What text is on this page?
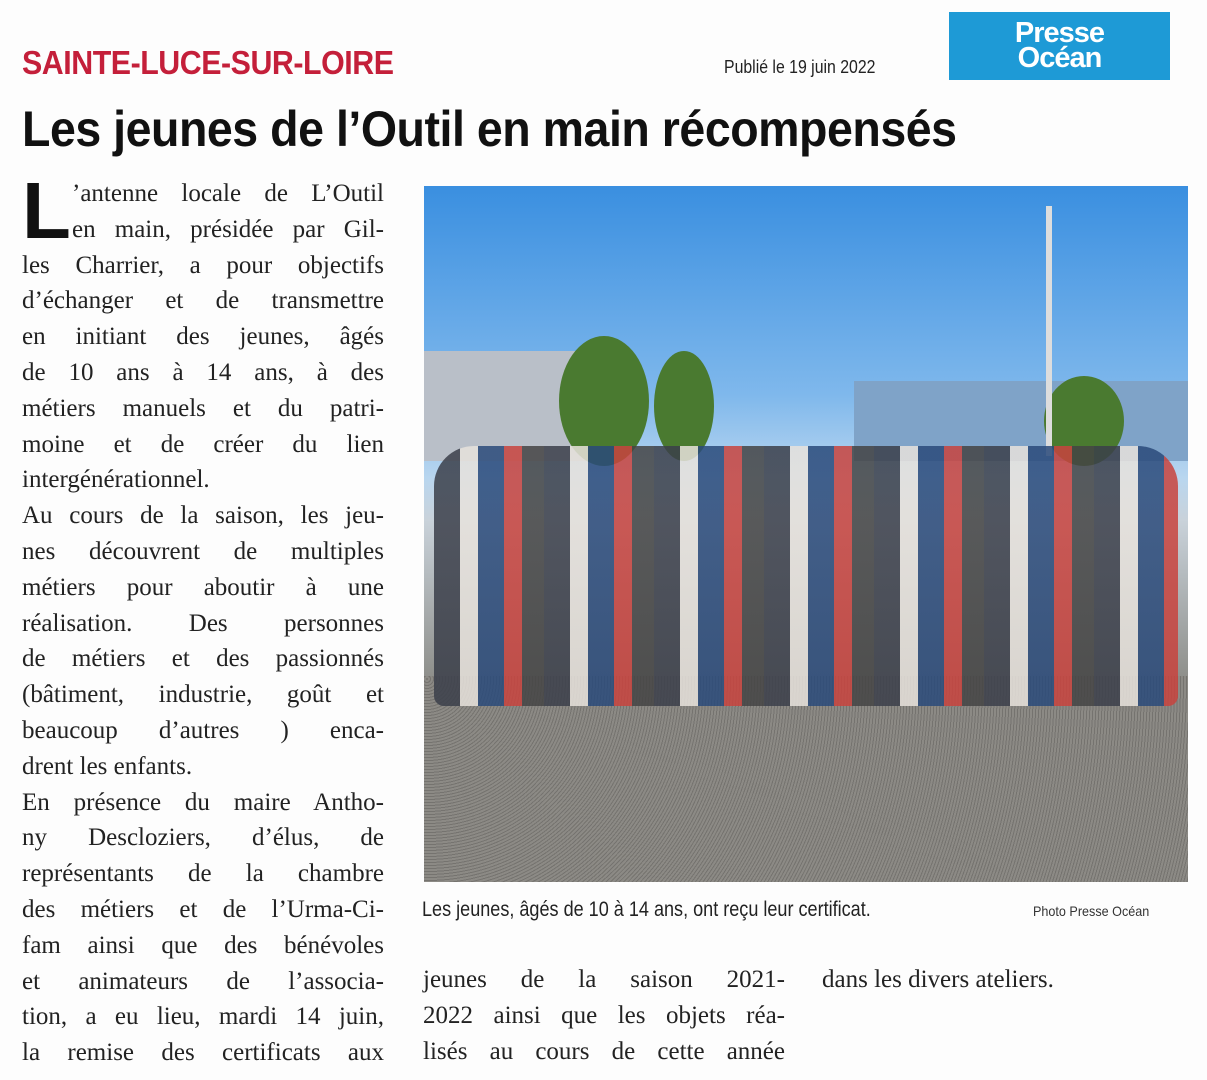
SAINTE-LUCE-SUR-LOIRE	Publié le 19 juin 2022
Presse
Océan
Les jeunes de l’Outil en main récompensés
L ’antenne locale de L’Outil
en main, présidée par Gil-
les Charrier, a pour objectifs
d’échanger et de transmettre
en initiant des jeunes, âgés
de 10 ans à 14 ans, à des
métiers manuels et du patri-
moine et de créer du lien
intergénérationnel.
Au cours de la saison, les jeu-
nes découvrent de multiples
métiers pour aboutir à une
réalisation. Des personnes
de métiers et des passionnés
(bâtiment, industrie, goût et
beaucoup d’autres ) enca-
drent les enfants.
En présence du maire Antho-
ny Descloziers, d’élus, de
représentants de la chambre
des métiers et de l’Urma-Ci-
fam ainsi que des bénévoles
et animateurs de l’associa-
tion, a eu lieu, mardi 14 juin,
la remise des certificats aux
Les jeunes, âgés de 10 à 14 ans, ont reçu leur certificat.	Photo Presse Océan
jeunes de la saison 2021-
2022 ainsi que les objets réa-
lisés au cours de cette année
dans les divers ateliers.
